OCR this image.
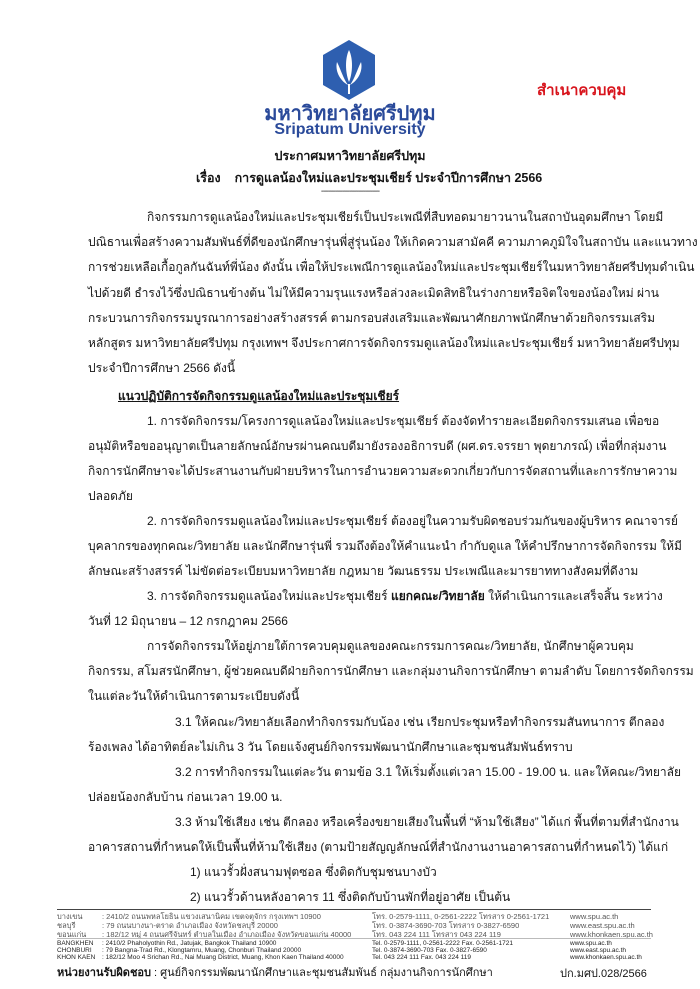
มหาวิทยาลัยศรีปทุม
Sripatum University
สำเนาควบคุม
ประกาศมหาวิทยาลัยศรีปทุม
เรื่อง การดูแลน้องใหม่และประชุมเชียร์ ประจำปีการศึกษา 2566
-------------------------
กิจกรรมการดูแลน้องใหม่และประชุมเชียร์เป็นประเพณีที่สืบทอดมายาวนานในสถาบันอุดมศึกษา โดยมี
ปณิธานเพื่อสร้างความสัมพันธ์ที่ดีของนักศึกษารุ่นพี่สู่รุ่นน้อง ให้เกิดความสามัคคี ความภาคภูมิใจในสถาบัน และแนวทาง
การช่วยเหลือเกื้อกูลกันฉันท์พี่น้อง ดังนั้น เพื่อให้ประเพณีการดูแลน้องใหม่และประชุมเชียร์ในมหาวิทยาลัยศรีปทุมดำเนิน
ไปด้วยดี ธำรงไว้ซึ่งปณิธานข้างต้น ไม่ให้มีความรุนแรงหรือล่วงละเมิดสิทธิในร่างกายหรือจิตใจของน้องใหม่ ผ่าน
กระบวนการกิจกรรมบูรณาการอย่างสร้างสรรค์ ตามกรอบส่งเสริมและพัฒนาศักยภาพนักศึกษาด้วยกิจกรรมเสริม
หลักสูตร มหาวิทยาลัยศรีปทุม กรุงเทพฯ จึงประกาศการจัดกิจกรรมดูแลน้องใหม่และประชุมเชียร์ มหาวิทยาลัยศรีปทุม
ประจำปีการศึกษา 2566 ดังนี้
แนวปฏิบัติการจัดกิจกรรมดูแลน้องใหม่และประชุมเชียร์
1. การจัดกิจกรรม/โครงการดูแลน้องใหม่และประชุมเชียร์ ต้องจัดทำรายละเอียดกิจกรรมเสนอ เพื่อขอ
อนุมัติหรือขออนุญาตเป็นลายลักษณ์อักษรผ่านคณบดีมายังรองอธิการบดี (ผศ.ดร.จรรยา พุดยาภรณ์) เพื่อที่กลุ่มงาน
กิจการนักศึกษาจะได้ประสานงานกับฝ่ายบริหารในการอำนวยความสะดวกเกี่ยวกับการจัดสถานที่และการรักษาความ
ปลอดภัย
2. การจัดกิจกรรมดูแลน้องใหม่และประชุมเชียร์ ต้องอยู่ในความรับผิดชอบร่วมกันของผู้บริหาร คณาจารย์
บุคลากรของทุกคณะ/วิทยาลัย และนักศึกษารุ่นพี่ รวมถึงต้องให้คำแนะนำ กำกับดูแล ให้คำปรึกษาการจัดกิจกรรม ให้มี
ลักษณะสร้างสรรค์ ไม่ขัดต่อระเบียบมหาวิทยาลัย กฎหมาย วัฒนธรรม ประเพณีและมารยาททางสังคมที่ดีงาม
3. การจัดกิจกรรมดูแลน้องใหม่และประชุมเชียร์ แยกคณะ/วิทยาลัย ให้ดำเนินการและเสร็จสิ้น ระหว่าง
วันที่ 12 มิถุนายน – 12 กรกฎาคม 2566
การจัดกิจกรรมให้อยู่ภายใต้การควบคุมดูแลของคณะกรรมการคณะ/วิทยาลัย, นักศึกษาผู้ควบคุม
กิจกรรม, สโมสรนักศึกษา, ผู้ช่วยคณบดีฝ่ายกิจการนักศึกษา และกลุ่มงานกิจการนักศึกษา ตามลำดับ โดยการจัดกิจกรรม
ในแต่ละวันให้ดำเนินการตามระเบียบดังนี้
3.1 ให้คณะ/วิทยาลัยเลือกทำกิจกรรมกับน้อง เช่น เรียกประชุมหรือทำกิจกรรมสันทนาการ ตีกลอง
ร้องเพลง ได้อาทิตย์ละไม่เกิน 3 วัน โดยแจ้งศูนย์กิจกรรมพัฒนานักศึกษาและชุมชนสัมพันธ์ทราบ
3.2 การทำกิจกรรมในแต่ละวัน ตามข้อ 3.1 ให้เริ่มตั้งแต่เวลา 15.00 - 19.00 น. และให้คณะ/วิทยาลัย
ปล่อยน้องกลับบ้าน ก่อนเวลา 19.00 น.
3.3 ห้ามใช้เสียง เช่น ตีกลอง หรือเครื่องขยายเสียงในพื้นที่ “ห้ามใช้เสียง” ได้แก่ พื้นที่ตามที่สำนักงาน
อาคารสถานที่กำหนดให้เป็นพื้นที่ห้ามใช้เสียง (ตามป้ายสัญญลักษณ์ที่สำนักงานงานอาคารสถานที่กำหนดไว้) ได้แก่
1) แนวรั้วฝั่งสนามฟุตซอล ซึ่งติดกับชุมชนบางบัว
2) แนวรั้วด้านหลังอาคาร 11 ซึ่งติดกับบ้านพักที่อยู่อาศัย เป็นต้น
บางเขน	: 2410/2 ถนนพหลโยธิน แขวงเสนานิคม เขตจตุจักร กรุงเทพฯ 10900	โทร. 0-2579-1111, 0-2561-2222 โทรสาร 0-2561-1721	www.spu.ac.th
ชลบุรี	: 79 ถนนบางนา-ตราด อำเภอเมือง จังหวัดชลบุรี 20000	โทร. 0-3874-3690-703 โทรสาร 0-3827-6590	www.east.spu.ac.th
ขอนแก่น : 182/12 หมู่ 4 ถนนศรีจันทร์ ตำบลในเมือง อำเภอเมือง จังหวัดขอนแก่น 40000	โทร. 043 224 111 โทรสาร 043 224 119	www.khonkaen.spu.ac.th
หน่วยงานรับผิดชอบ : ศูนย์กิจกรรมพัฒนานักศึกษาและชุมชนสัมพันธ์ กลุ่มงานกิจการนักศึกษา	ปก.มศป.028/2566
BANGKHEN : 2410/2 Phaholyothin Rd., Jatujak, Bangkok Thailand 10900	Tel. 0-2579-1111, 0-2561-2222 Fax. 0-2561-1721	www.spu.ac.th
CHONBURI : 79 Bangna-Trad Rd., Klongtamru, Muang, Chonburi Thailand 20000	Tel. 0-3874-3690-703 Fax. 0-3827-6590	www.east.spu.ac.th
KHON KAEN : 182/12 Moo 4 Srichan Rd., Nai Muang District, Muang, Khon Kaen Thailand 40000	Tel. 043 224 111 Fax. 043 224 119	www.khonkaen.spu.ac.th
